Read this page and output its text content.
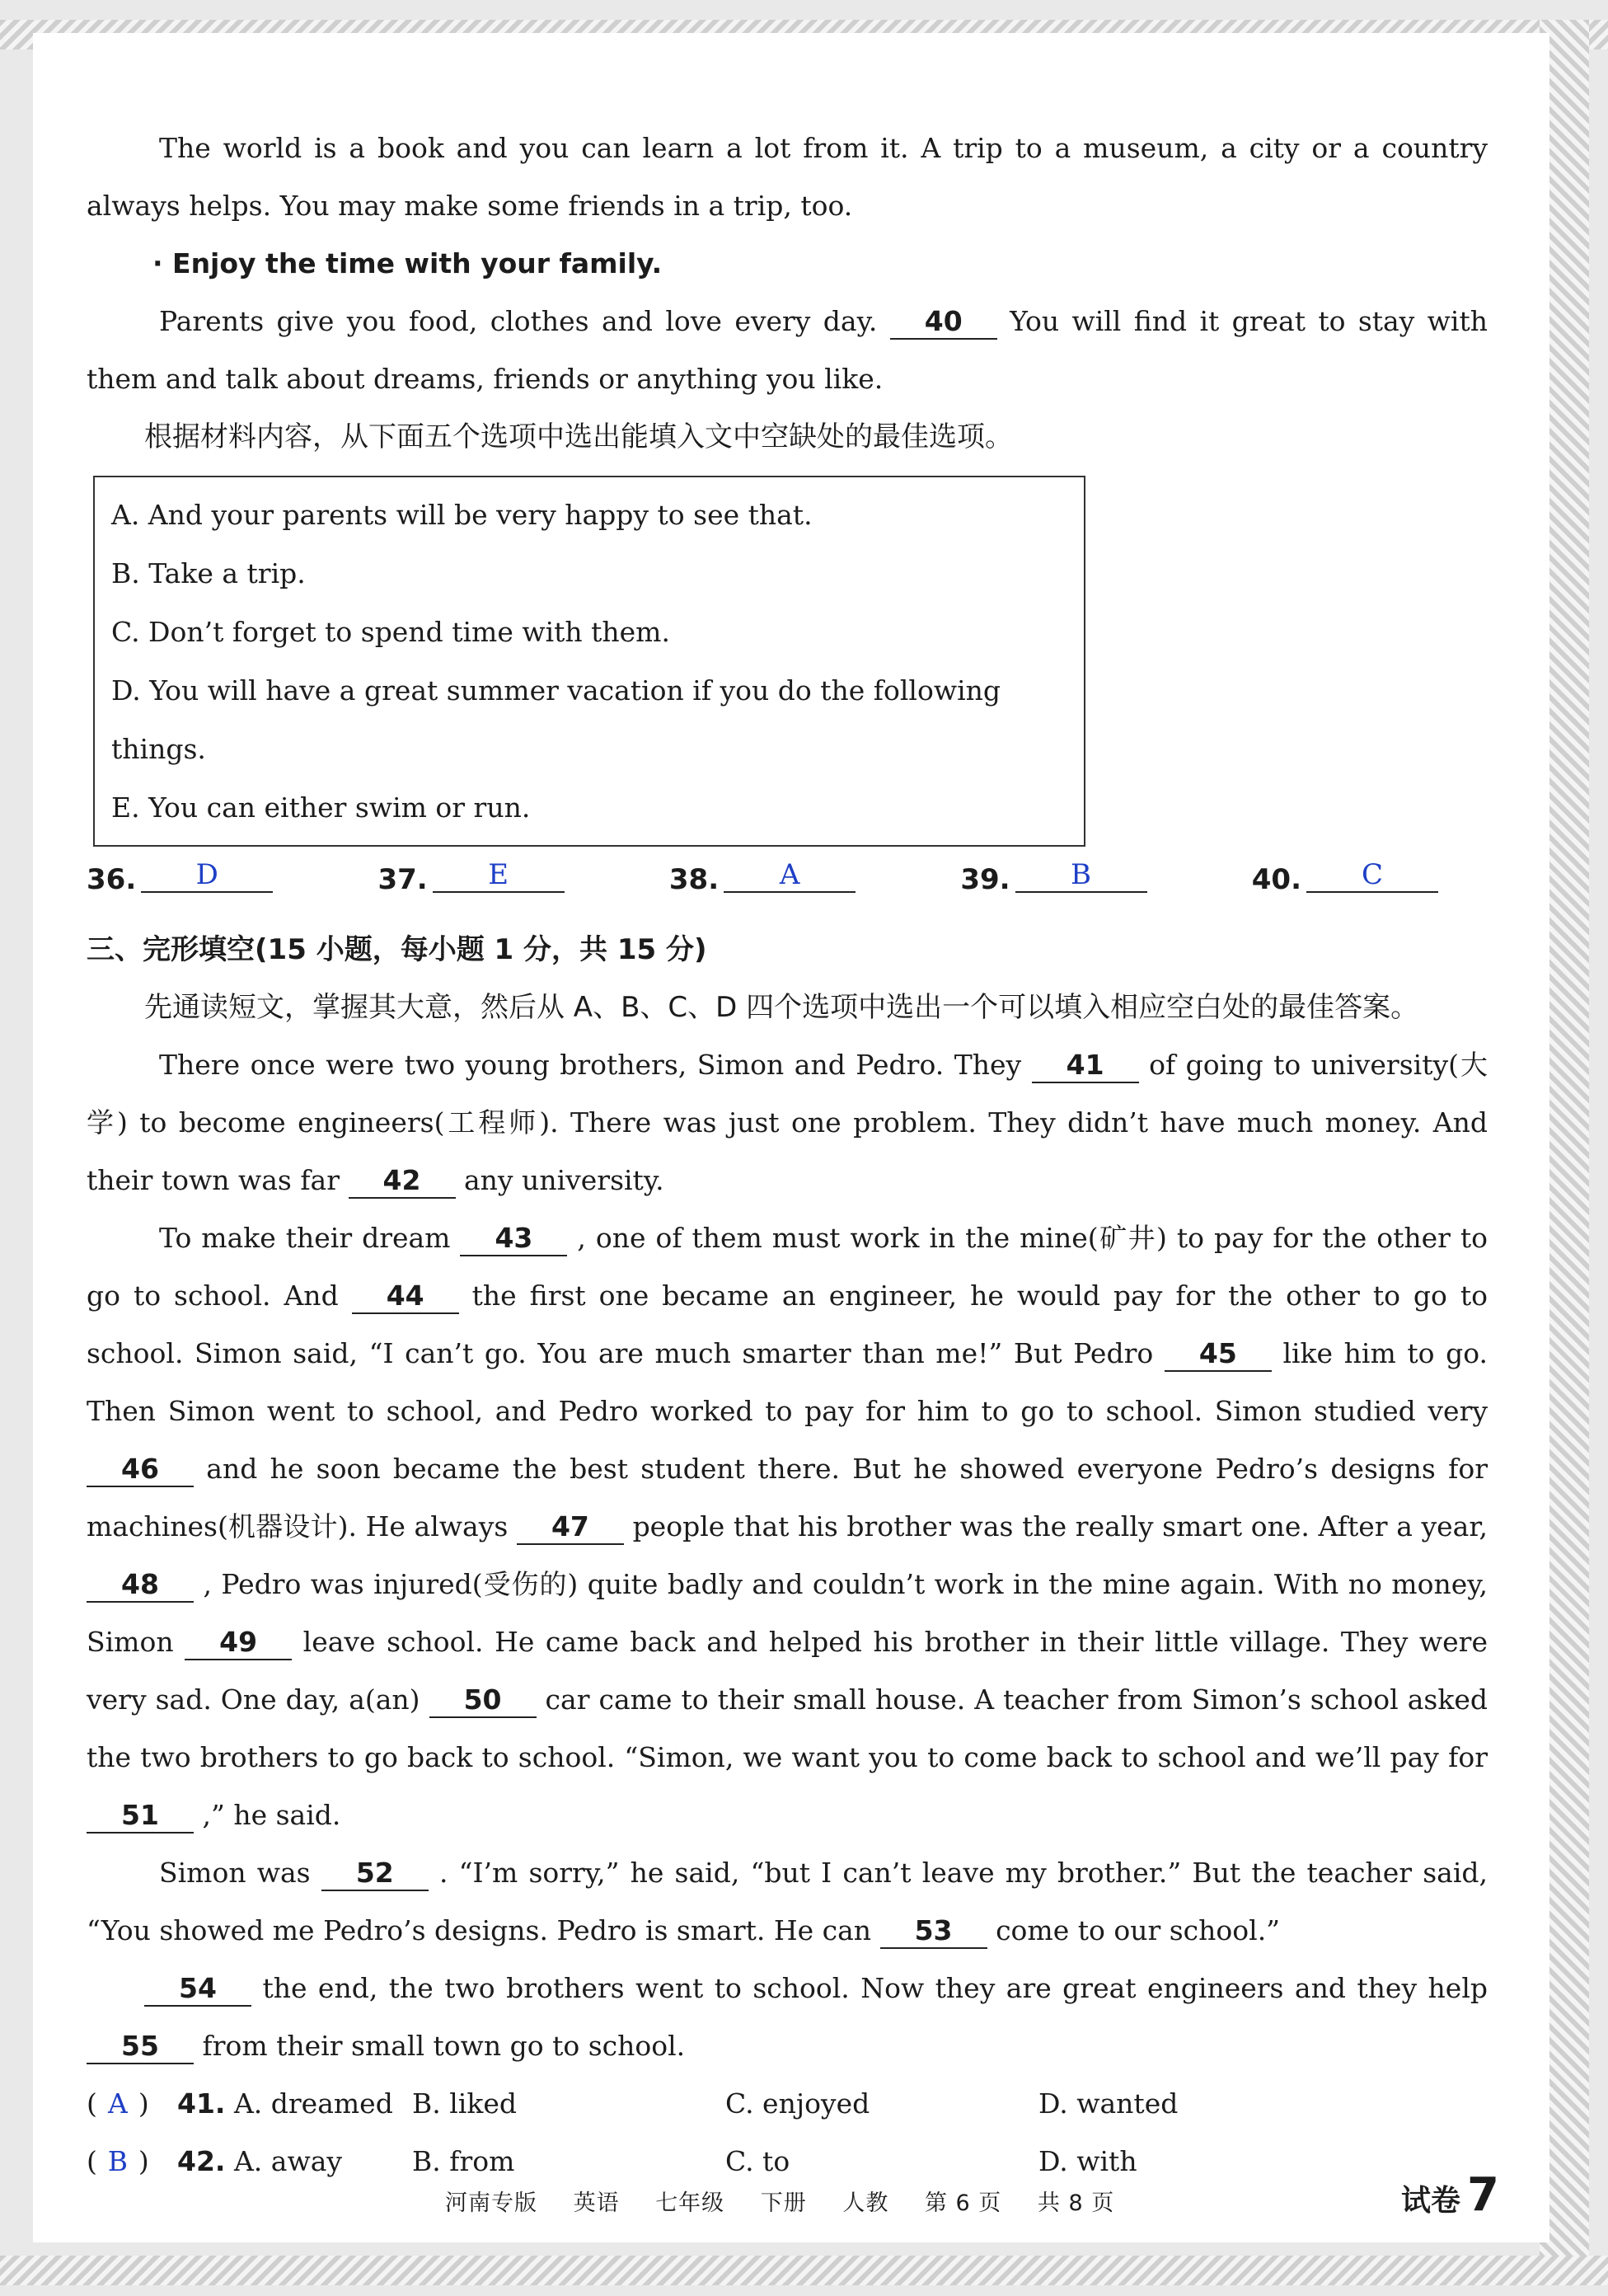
The world is a book and you can learn a lot from it. A trip to a museum, a city or a country always helps. You may make some friends in a trip, too.

· Enjoy the time with your family.

Parents give you food, clothes and love every day. 40 You will find it great to stay with them and talk about dreams, friends or anything you like.

根据材料内容，从下面五个选项中选出能填入文中空缺处的最佳选项。

A. And your parents will be very happy to see that.
B. Take a trip.
C. Don’t forget to spend time with them.
D. You will have a great summer vacation if you do the following things.
E. You can either swim or run.
36.	D	37.	E	38.	A	39.	B	40.	C
三、完形填空(15 小题，每小题 1 分，共 15 分)

先通读短文，掌握其大意，然后从 A、B、C、D 四个选项中选出一个可以填入相应空白处的最佳答案。

There once were two young brothers, Simon and Pedro. They 41 of going to university(大学) to become engineers(工程师). There was just one problem. They didn’t have much money. And their town was far 42 any university.

To make their dream 43 , one of them must work in the mine(矿井) to pay for the other to go to school. And 44 the first one became an engineer, he would pay for the other to go to school. Simon said, “I can’t go. You are much smarter than me!” But Pedro 45 like him to go. Then Simon went to school, and Pedro worked to pay for him to go to school. Simon studied very 46 and he soon became the best student there. But he showed everyone Pedro’s designs for machines(机器设计). He always 47 people that his brother was the really smart one. After a year, 48 , Pedro was injured(受伤的) quite badly and couldn’t work in the mine again. With no money, Simon 49 leave school. He came back and helped his brother in their little village. They were very sad. One day, a(an) 50 car came to their small house. A teacher from Simon’s school asked the two brothers to go back to school. “Simon, we want you to come back to school and we’ll pay for 51 ,” he said.

Simon was 52 . “I’m sorry,” he said, “but I can’t leave my brother.” But the teacher said, “You showed me Pedro’s designs. Pedro is smart. He can 53 come to our school.”

54 the end, the two brothers went to school. Now they are great engineers and they help 55 from their small town go to school.

( A )	41. A. dreamed B. liked	C. enjoyed	D. wanted
( B )	42. A. away	B. from	C. to	D. with
河南专版 英语 七年级 下册 人教 第 6 页 共 8 页	试卷 7
